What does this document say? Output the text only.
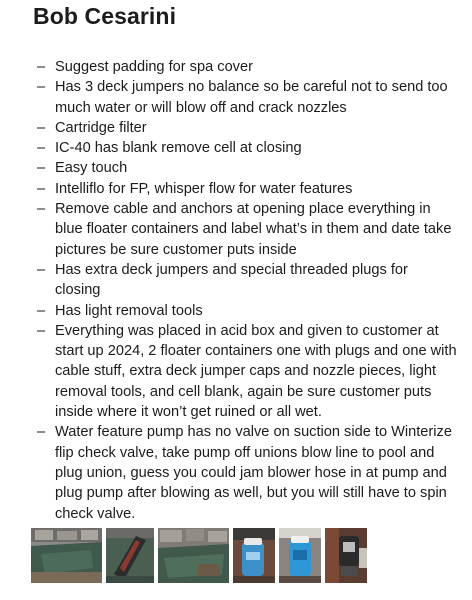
Bob Cesarini
– Suggest padding for spa cover
– Has 3 deck jumpers no balance so be careful not to send too much water or will blow off and crack nozzles
– Cartridge filter
– IC-40 has blank remove cell at closing
– Easy touch
– Intelliflo for FP, whisper flow for water features
– Remove cable and anchors at opening place everything in blue floater containers and label what’s in them and date take pictures be sure customer puts inside
– Has extra deck jumpers and special threaded plugs for closing
– Has light removal tools
– Everything was placed in acid box and given to customer at start up 2024, 2 floater containers one with plugs and one with cable stuff, extra deck jumper caps and nozzle pieces, light removal tools, and cell blank, again be sure customer puts inside where it won’t get ruined or all wet.
– Water feature pump has no valve on suction side to Winterize flip check valve, take pump off unions blow line to pool and plug union, guess you could jam blower hose in at pump and plug pump after blowing as well, but you will still have to spin check valve.
